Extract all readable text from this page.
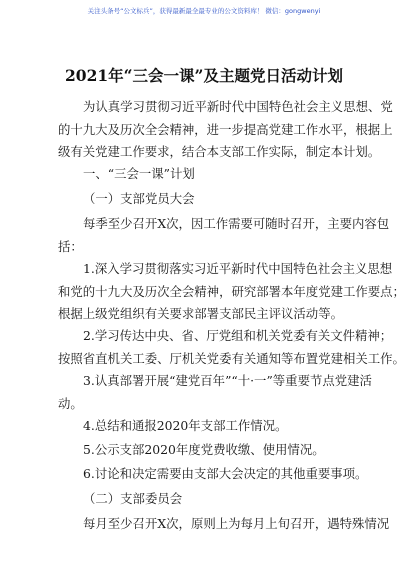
关注头条号“公文标兵”，获得最新最全最专业的公文资料库！ 微信：gongwenyi
2021年“三会一课”及主题党日活动计划
为认真学习贯彻习近平新时代中国特色社会主义思想、党
的十九大及历次全会精神，进一步提高党建工作水平，根据上
级有关党建工作要求，结合本支部工作实际，制定本计划。
一、“三会一课”计划
（一）支部党员大会
每季至少召开X次，因工作需要可随时召开，主要内容包
括：
1.深入学习贯彻落实习近平新时代中国特色社会主义思想
和党的十九大及历次全会精神，研究部署本年度党建工作要点；
根据上级党组织有关要求部署支部民主评议活动等。
2.学习传达中央、省、厅党组和机关党委有关文件精神；
按照省直机关工委、厅机关党委有关通知等布置党建相关工作。
3.认真部署开展“建党百年”“十·一”等重要节点党建活
动。
4.总结和通报2020年支部工作情况。
5.公示支部2020年度党费收缴、使用情况。
6.讨论和决定需要由支部大会决定的其他重要事项。
（二）支部委员会
每月至少召开X次，原则上为每月上旬召开，遇特殊情况
